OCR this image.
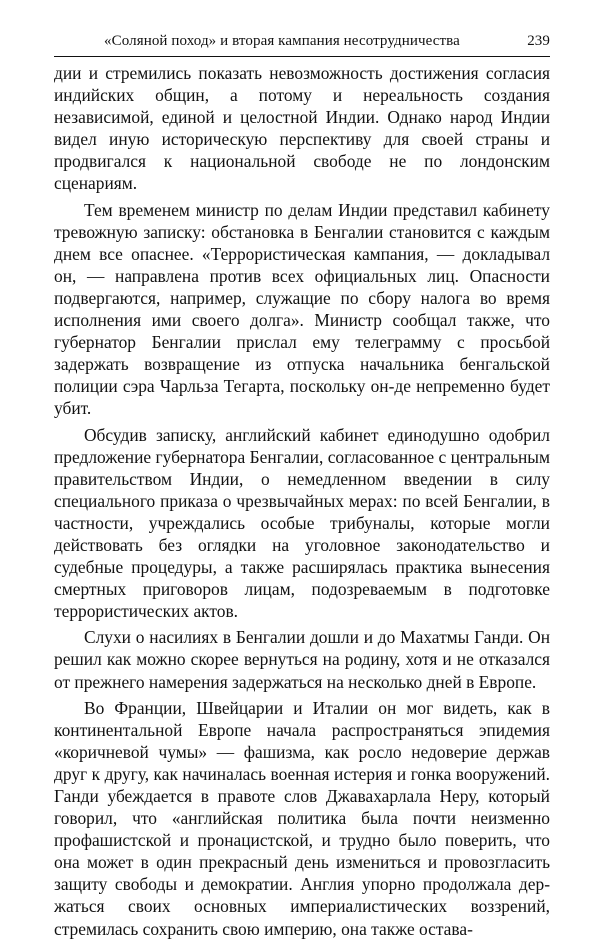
«Соляной поход» и вторая кампания несотрудничества	239

дии и стремились показать невозможность достижения согласия индийских общин, а потому и нереальность создания независимой, единой и целостной Индии. Однако народ Индии видел иную историческую перспективу для своей страны и продвигался к национальной свободе не по лондонским сценариям.

Тем временем министр по делам Индии представил кабинету тревожную записку: обстановка в Бенгалии становится с каждым днем все опаснее. «Террористическая кампания, — докладывал он, — направлена против всех официальных лиц. Опасности подвергаются, например, служащие по сбору налога во время исполнения ими своего долга». Министр сообщал также, что губернатор Бенгалии прислал ему телеграмму с просьбой задержать возвращение из отпуска начальника бенгальской полиции сэра Чарльза Тегарта, поскольку он-де непременно будет убит.

Обсудив записку, английский кабинет единодушно одобрил предложение губернатора Бенгалии, согласованное с центральным правительством Индии, о немедленном введении в силу специального приказа о чрезвычайных мерах: по всей Бенгалии, в частности, учреждались особые трибуналы, которые могли действовать без оглядки на уголовное законодательство и судебные процедуры, а также расширялась практика вынесения смертных приговоров лицам, подозреваемым в подготовке террористических актов.

Слухи о насилиях в Бенгалии дошли и до Махатмы Ганди. Он решил как можно скорее вернуться на родину, хотя и не отказался от прежнего намерения задержаться на несколько дней в Европе.

Во Франции, Швейцарии и Италии он мог видеть, как в континентальной Европе начала распространяться эпидемия «коричневой чумы» — фашизма, как росло недоверие держав друг к другу, как начиналась военная истерия и гонка вооружений. Ганди убеждается в правоте слов Джавахарлала Неру, который говорил, что «английская политика была почти неизменно профашистской и пронацистской, и трудно было поверить, что она может в один прекрасный день измениться и провозгласить защиту свободы и демократии. Англия упорно продолжала держаться своих основных империалистических воззрений, стремилась сохранить свою империю, она также остава-
